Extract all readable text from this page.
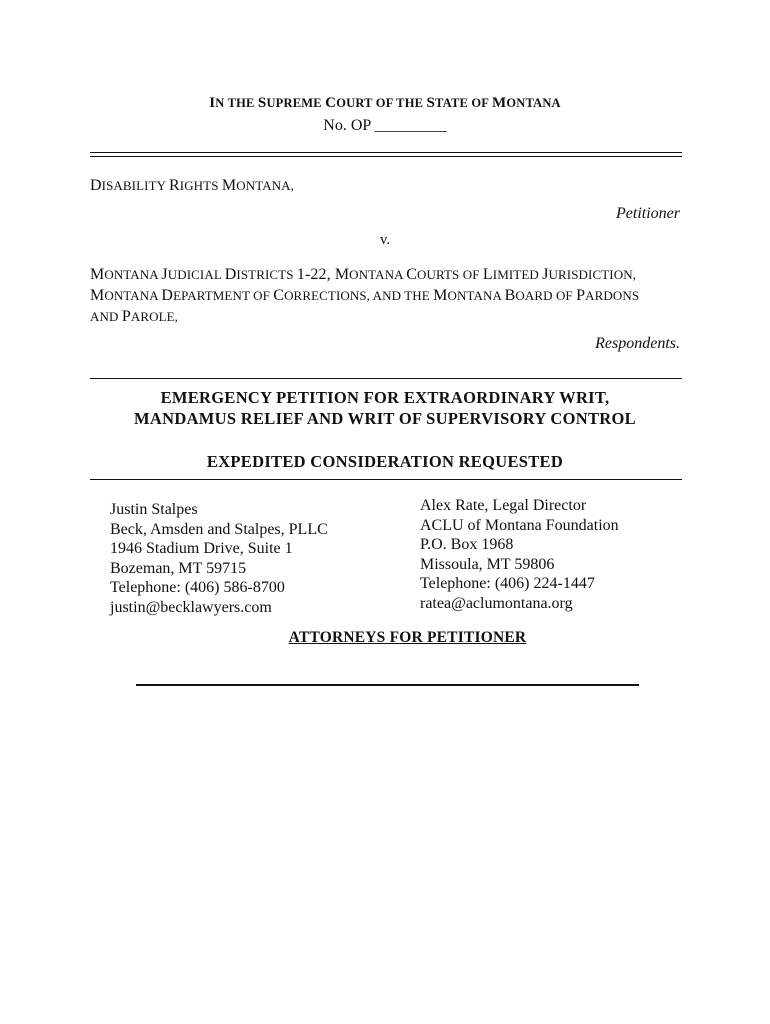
IN THE SUPREME COURT OF THE STATE OF MONTANA
No. OP _________
DISABILITY RIGHTS MONTANA,
Petitioner
v.
MONTANA JUDICIAL DISTRICTS 1-22, MONTANA COURTS OF LIMITED JURISDICTION,
MONTANA DEPARTMENT OF CORRECTIONS, AND THE MONTANA BOARD OF PARDONS
AND PAROLE,
Respondents.
EMERGENCY PETITION FOR EXTRAORDINARY WRIT,
MANDAMUS RELIEF AND WRIT OF SUPERVISORY CONTROL
EXPEDITED CONSIDERATION REQUESTED
Justin Stalpes
Beck, Amsden and Stalpes, PLLC
1946 Stadium Drive, Suite 1
Bozeman, MT 59715
Telephone: (406) 586-8700
justin@becklawyers.com
Alex Rate, Legal Director
ACLU of Montana Foundation
P.O. Box 1968
Missoula, MT 59806
Telephone: (406) 224-1447
ratea@aclumontana.org
ATTORNEYS FOR PETITIONER
